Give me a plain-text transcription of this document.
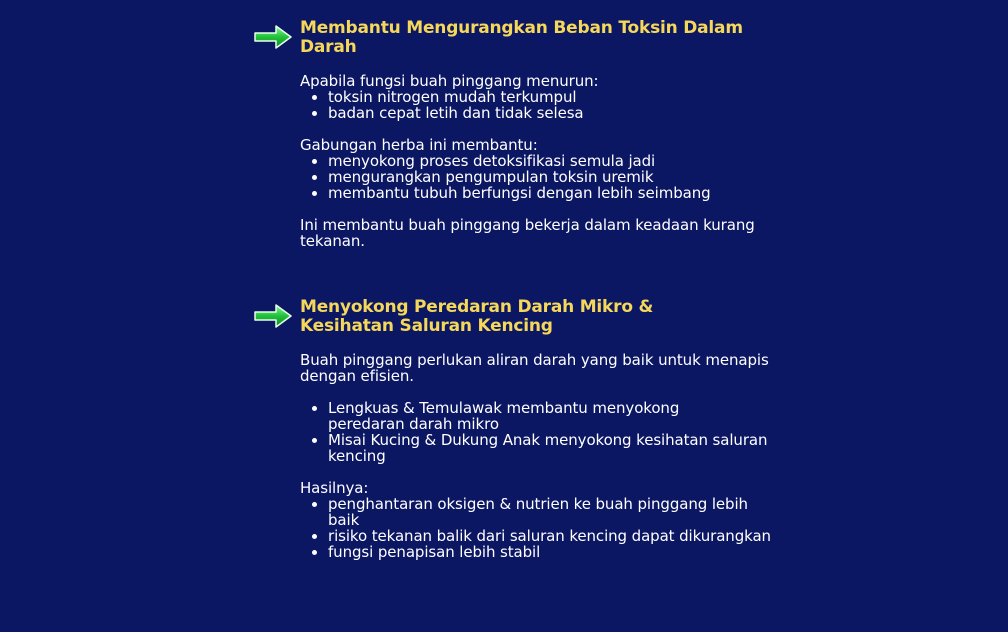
Membantu Mengurangkan Beban Toksin Dalam Darah

Apabila fungsi buah pinggang menurun:

• toksin nitrogen mudah terkumpul
• badan cepat letih dan tidak selesa

Gabungan herba ini membantu:

• menyokong proses detoksifikasi semula jadi
• mengurangkan pengumpulan toksin uremik
• membantu tubuh berfungsi dengan lebih seimbang

Ini membantu buah pinggang bekerja dalam keadaan kurang tekanan.

Menyokong Peredaran Darah Mikro & Kesihatan Saluran Kencing

Buah pinggang perlukan aliran darah yang baik untuk menapis dengan efisien.

• Lengkuas & Temulawak membantu menyokong peredaran darah mikro
• Misai Kucing & Dukung Anak menyokong kesihatan saluran kencing

Hasilnya:

• penghantaran oksigen & nutrien ke buah pinggang lebih baik
• risiko tekanan balik dari saluran kencing dapat dikurangkan
• fungsi penapisan lebih stabil
